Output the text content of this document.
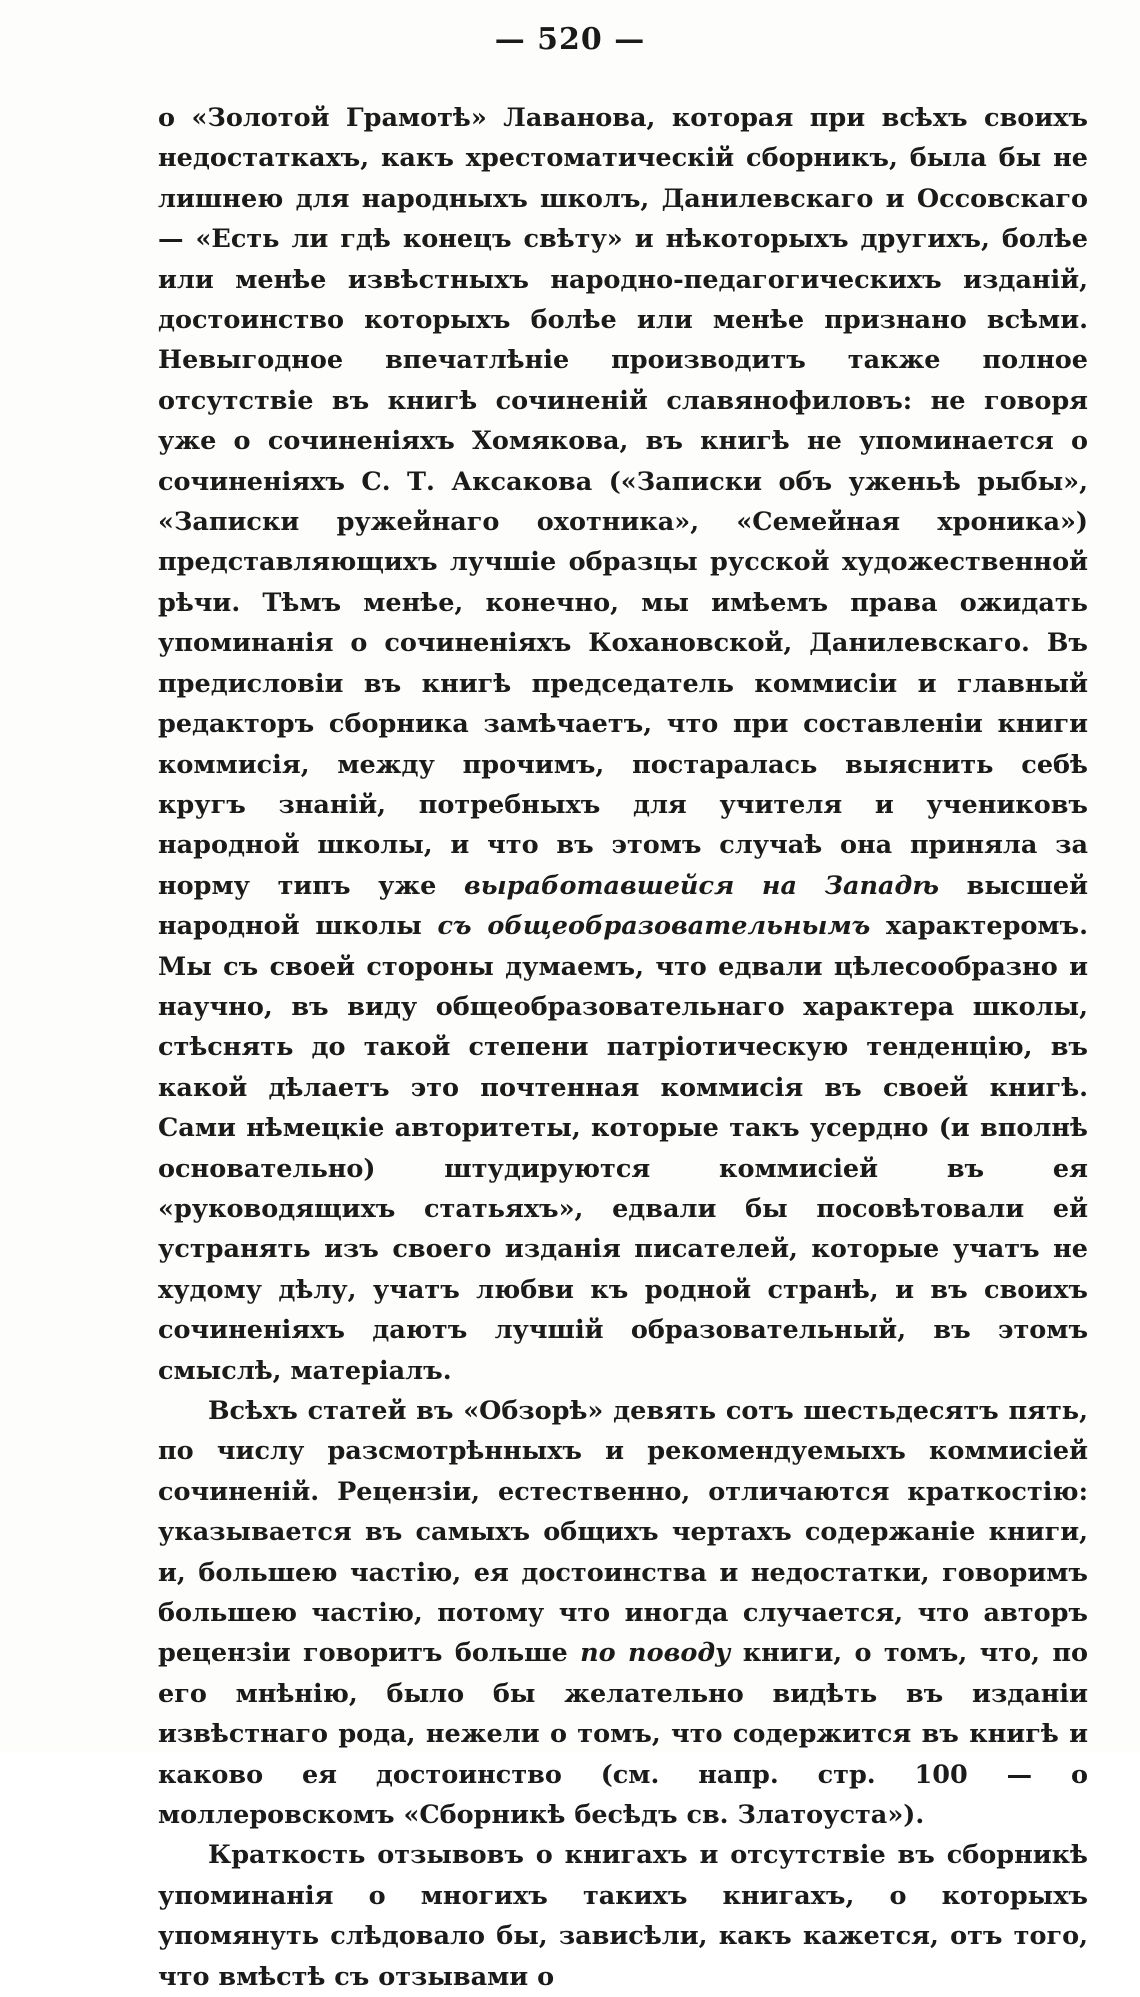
— 520 —

о «Золотой Грамотѣ» Лаванова, которая при всѣхъ своихъ недостаткахъ, какъ хрестоматическій сборникъ, была бы не лишнею для народныхъ школъ, Данилевскаго и Оссовскаго — «Есть ли гдѣ конецъ свѣту» и нѣкоторыхъ другихъ, болѣе или менѣе извѣстныхъ народно-педагогическихъ изданій, достоинство которыхъ болѣе или менѣе признано всѣми. Невыгодное впечатлѣніе производитъ также полное отсутствіе въ книгѣ сочиненій славянофиловъ: не говоря уже о сочиненіяхъ Хомякова, въ книгѣ не упоминается о сочиненіяхъ С. Т. Аксакова («Записки объ уженьѣ рыбы», «Записки ружейнаго охотника», «Семейная хроника») представляющихъ лучшіе образцы русской художественной рѣчи. Тѣмъ менѣе, конечно, мы имѣемъ права ожидать упоминанія о сочиненіяхъ Кохановской, Данилевскаго. Въ предисловіи въ книгѣ председатель коммисіи и главный редакторъ сборника замѣчаетъ, что при составленіи книги коммисія, между прочимъ, постаралась выяснить себѣ кругъ знаній, потребныхъ для учителя и учениковъ народной школы, и что въ этомъ случаѣ она приняла за норму типъ уже выработавшейся на Западѣ высшей народной школы съ общеобразовательнымъ характеромъ. Мы съ своей стороны думаемъ, что едвали цѣлесообразно и научно, въ виду общеобразовательнаго характера школы, стѣснять до такой степени патріотическую тенденцію, въ какой дѣлаетъ это почтенная коммисія въ своей книгѣ. Сами нѣмецкіе авторитеты, которые такъ усердно (и вполнѣ основательно) штудируются коммисіей въ ея «руководящихъ статьяхъ», едвали бы посовѣтовали ей устранять изъ своего изданія писателей, которые учатъ не худому дѣлу, учатъ любви къ родной странѣ, и въ своихъ сочиненіяхъ даютъ лучшій образовательный, въ этомъ смыслѣ, матеріалъ.

Всѣхъ статей въ «Обзорѣ» девять сотъ шестьдесятъ пять, по числу разсмотрѣнныхъ и рекомендуемыхъ коммисіей сочиненій. Рецензіи, естественно, отличаются краткостію: указывается въ самыхъ общихъ чертахъ содержаніе книги, и, большею частію, ея достоинства и недостатки, говоримъ большею частію, потому что иногда случается, что авторъ рецензіи говоритъ больше по поводу книги, о томъ, что, по его мнѣнію, было бы желательно видѣть въ изданіи извѣстнаго рода, нежели о томъ, что содержится въ книгѣ и каково ея достоинство (см. напр. стр. 100 — о моллеровскомъ «Сборникѣ бесѣдъ св. Златоуста»).

Краткость отзывовъ о книгахъ и отсутствіе въ сборникѣ упоминанія о многихъ такихъ книгахъ, о которыхъ упомянуть слѣдовало бы, зависѣли, какъ кажется, отъ того, что вмѣстѣ съ отзывами о
